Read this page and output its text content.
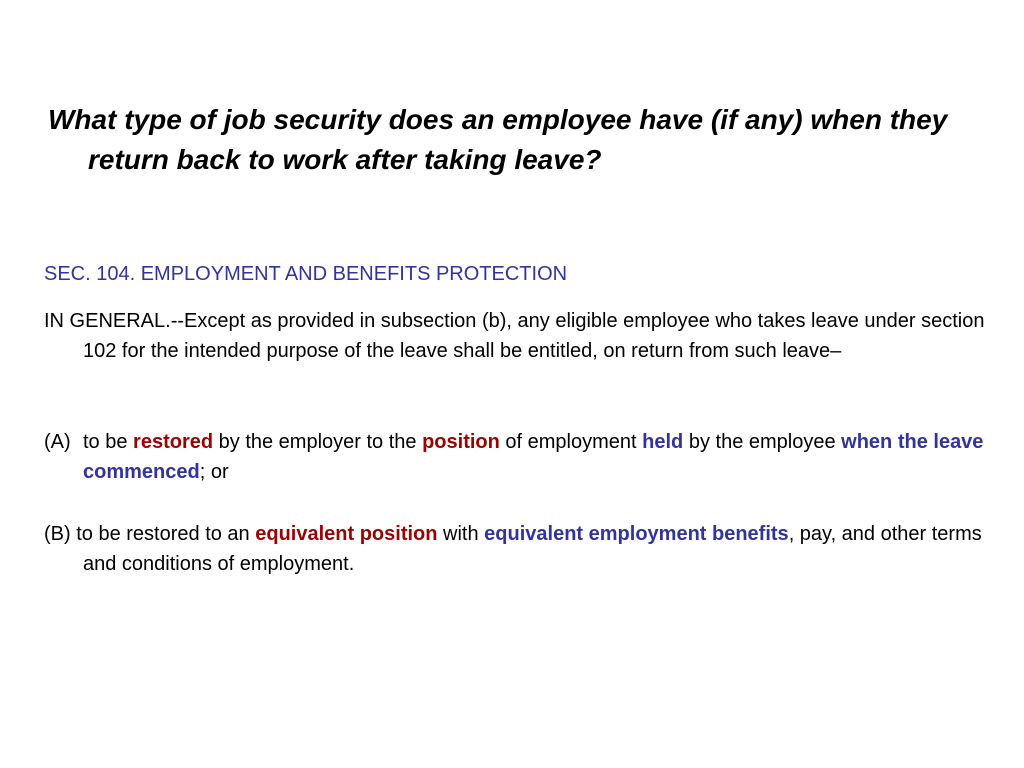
What type of job security does an employee have (if any) when they return back to work after taking leave?

SEC. 104. EMPLOYMENT AND BENEFITS PROTECTION

IN GENERAL.--Except as provided in subsection (b), any eligible employee who takes leave under section 102 for the intended purpose of the leave shall be entitled, on return from such leave–

(A) to be restored by the employer to the position of employment held by the employee when the leave commenced; or

(B) to be restored to an equivalent position with equivalent employment benefits, pay, and other terms and conditions of employment.
